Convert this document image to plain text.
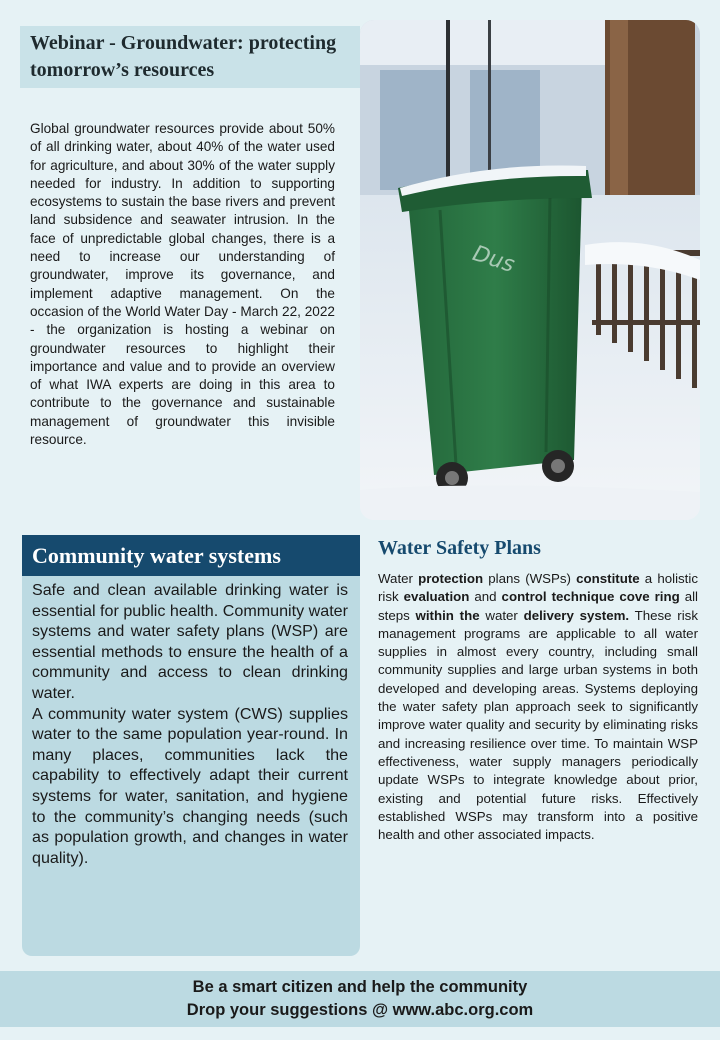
Webinar - Groundwater: protecting tomorrow’s resources

Global groundwater resources provide about 50% of all drinking water, about 40% of the water used for agriculture, and about 30% of the water supply needed for industry. In addition to supporting ecosystems to sustain the base rivers and prevent land subsidence and seawater intrusion. In the face of unpredictable global changes, there is a need to increase our understanding of groundwater, improve its governance, and implement adaptive management. On the occasion of the World Water Day - March 22, 2022 - the organization is hosting a webinar on groundwater resources to highlight their importance and value and to provide an overview of what IWA experts are doing in this area to contribute to the governance and sustainable management of groundwater this invisible resource.

Dus
Community water systems

Safe and clean available drinking water is essential for public health. Community water systems and water safety plans (WSP) are essential methods to ensure the health of a community and access to clean drinking water.

A community water system (CWS) supplies water to the same population year-round. In many places, communities lack the capability to effectively adapt their current systems for water, sanitation, and hygiene to the community’s changing needs (such as population growth, and changes in water quality).

Water Safety Plans

Water protection plans (WSPs) constitute a holistic risk evaluation and control technique cove ring all steps within the water delivery system. These risk management programs are applicable to all water supplies in almost every country, including small community supplies and large urban systems in both developed and developing areas. Systems deploying the water safety plan approach seek to significantly improve water quality and security by eliminating risks and increasing resilience over time. To maintain WSP effectiveness, water supply managers periodically update WSPs to integrate knowledge about prior, existing and potential future risks. Effectively established WSPs may transform into a positive health and other associated impacts.

Be a smart citizen and help the community
Drop your suggestions @ www.abc.org.com
